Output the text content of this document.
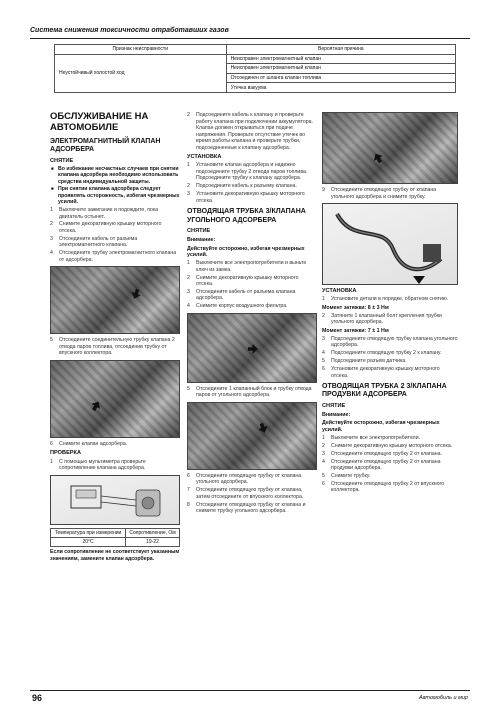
Система снижения токсичности отработавших газов
Признак неисправности	Вероятная причина
Неустойчивый холостой ход	Неисправен электромагнитный клапан
	Неисправен электромагнитный клапан
	Отсоединен от шланга клапан топлива
	Утечка вакуума
ОБСЛУЖИВАНИЕ НА АВТОМОБИЛЕ
ЭЛЕКТРОМАГНИТНЫЙ КЛАПАН АДСОРБЕРА
СНЯТИЕ
■ Во избежание несчастных случаев при снятии клапана адсорбера необходимо использовать средства индивидуальной защиты.
■ При снятии клапана адсорбера следует проявлять осторожность, избегая чрезмерных усилий.
1 Выключите зажигание и подождите, пока двигатель остынет.
2 Снимите декоративную крышку моторного отсека.
3 Отсоедините кабель от разъема электромагнитного клапана.
4 Отсоедините трубку электромагнитного клапана от адсорбера.
5 Отсоедините соединительную трубку клапана 2 отвода паров топлива, отсоединив трубку от впускного коллектора.
6 Снимите клапан адсорбера.
ПРОВЕРКА
1 С помощью мультиметра проверьте сопротивление клапана адсорбера.
Температура при измерении	Сопротивление, Ом
20°С	19-22
Если сопротивление не соответствует указанным значениям, замените клапан адсорбера.
2 Подсоедините кабель к клапану и проверьте работу клапана при подключении аккумулятора. Клапан должен открываться при подаче напряжения. Проверьте отсутствие утечек во время работы клапана и проверьте трубки, подсоединенные к клапану адсорбера.
УСТАНОВКА
1 Установите клапан адсорбера и надежно подсоедините трубку 2 отвода паров топлива. Подсоедините трубку к клапану адсорбера.
2 Подсоедините кабель к разъему клапана.
3 Установите декоративную крышку моторного отсека.
ОТВОДЯЩАЯ ТРУБКА 3/КЛАПАНА УГОЛЬНОГО АДСОРБЕРА
СНЯТИЕ
Внимание:
Действуйте осторожно, избегая чрезмерных усилий.
1 Выключите все электропотребители и выньте ключ из замка.
2 Снимите декоративную крышку моторного отсека.
3 Отсоедините кабель от разъема клапана адсорбера.
4 Снимите корпус воздушного фильтра.
5 Отсоедините 1 клапанный блок и трубку отвода паров от угольного адсорбера.
6 Отсоедините отводящую трубку от клапана угольного адсорбера.
7 Отсоедините отводящую трубку от клапана, затем отсоедините от впускного коллектора.
8 Отсоедините отводящую трубку от клапана и снимите трубку угольного адсорбера.
9 Отсоедините отводящую трубку от клапана угольного адсорбера и снимите трубку.
УСТАНОВКА
1 Установите детали в порядке, обратном снятию.
Момент затяжки: 8 ± 3 Нм
2 Затяните 1 клапанный болт крепления трубки угольного адсорбера.
Момент затяжки: 7 ± 1 Нм
3 Подсоедините отводящую трубку клапана угольного адсорбера.
4 Подсоедините отводящую трубку 2 к клапану.
5 Подсоедините разъем датчика.
6 Установите декоративную крышку моторного отсека.
ОТВОДЯЩАЯ ТРУБКА 2 3/КЛАПАНА ПРОДУВКИ АДСОРБЕРА
СНЯТИЕ
Внимание:
Действуйте осторожно, избегая чрезмерных усилий.
1 Выключите все электропотребители.
2 Снимите декоративную крышку моторного отсека.
3 Отсоедините отводящую трубку 2 от клапана.
4 Отсоедините отводящую трубку 2 от клапана продувки адсорбера.
5 Снимите трубку.
6 Отсоедините отводящую трубку 2 от впускного коллектора.
96	Автомобиль и мир
